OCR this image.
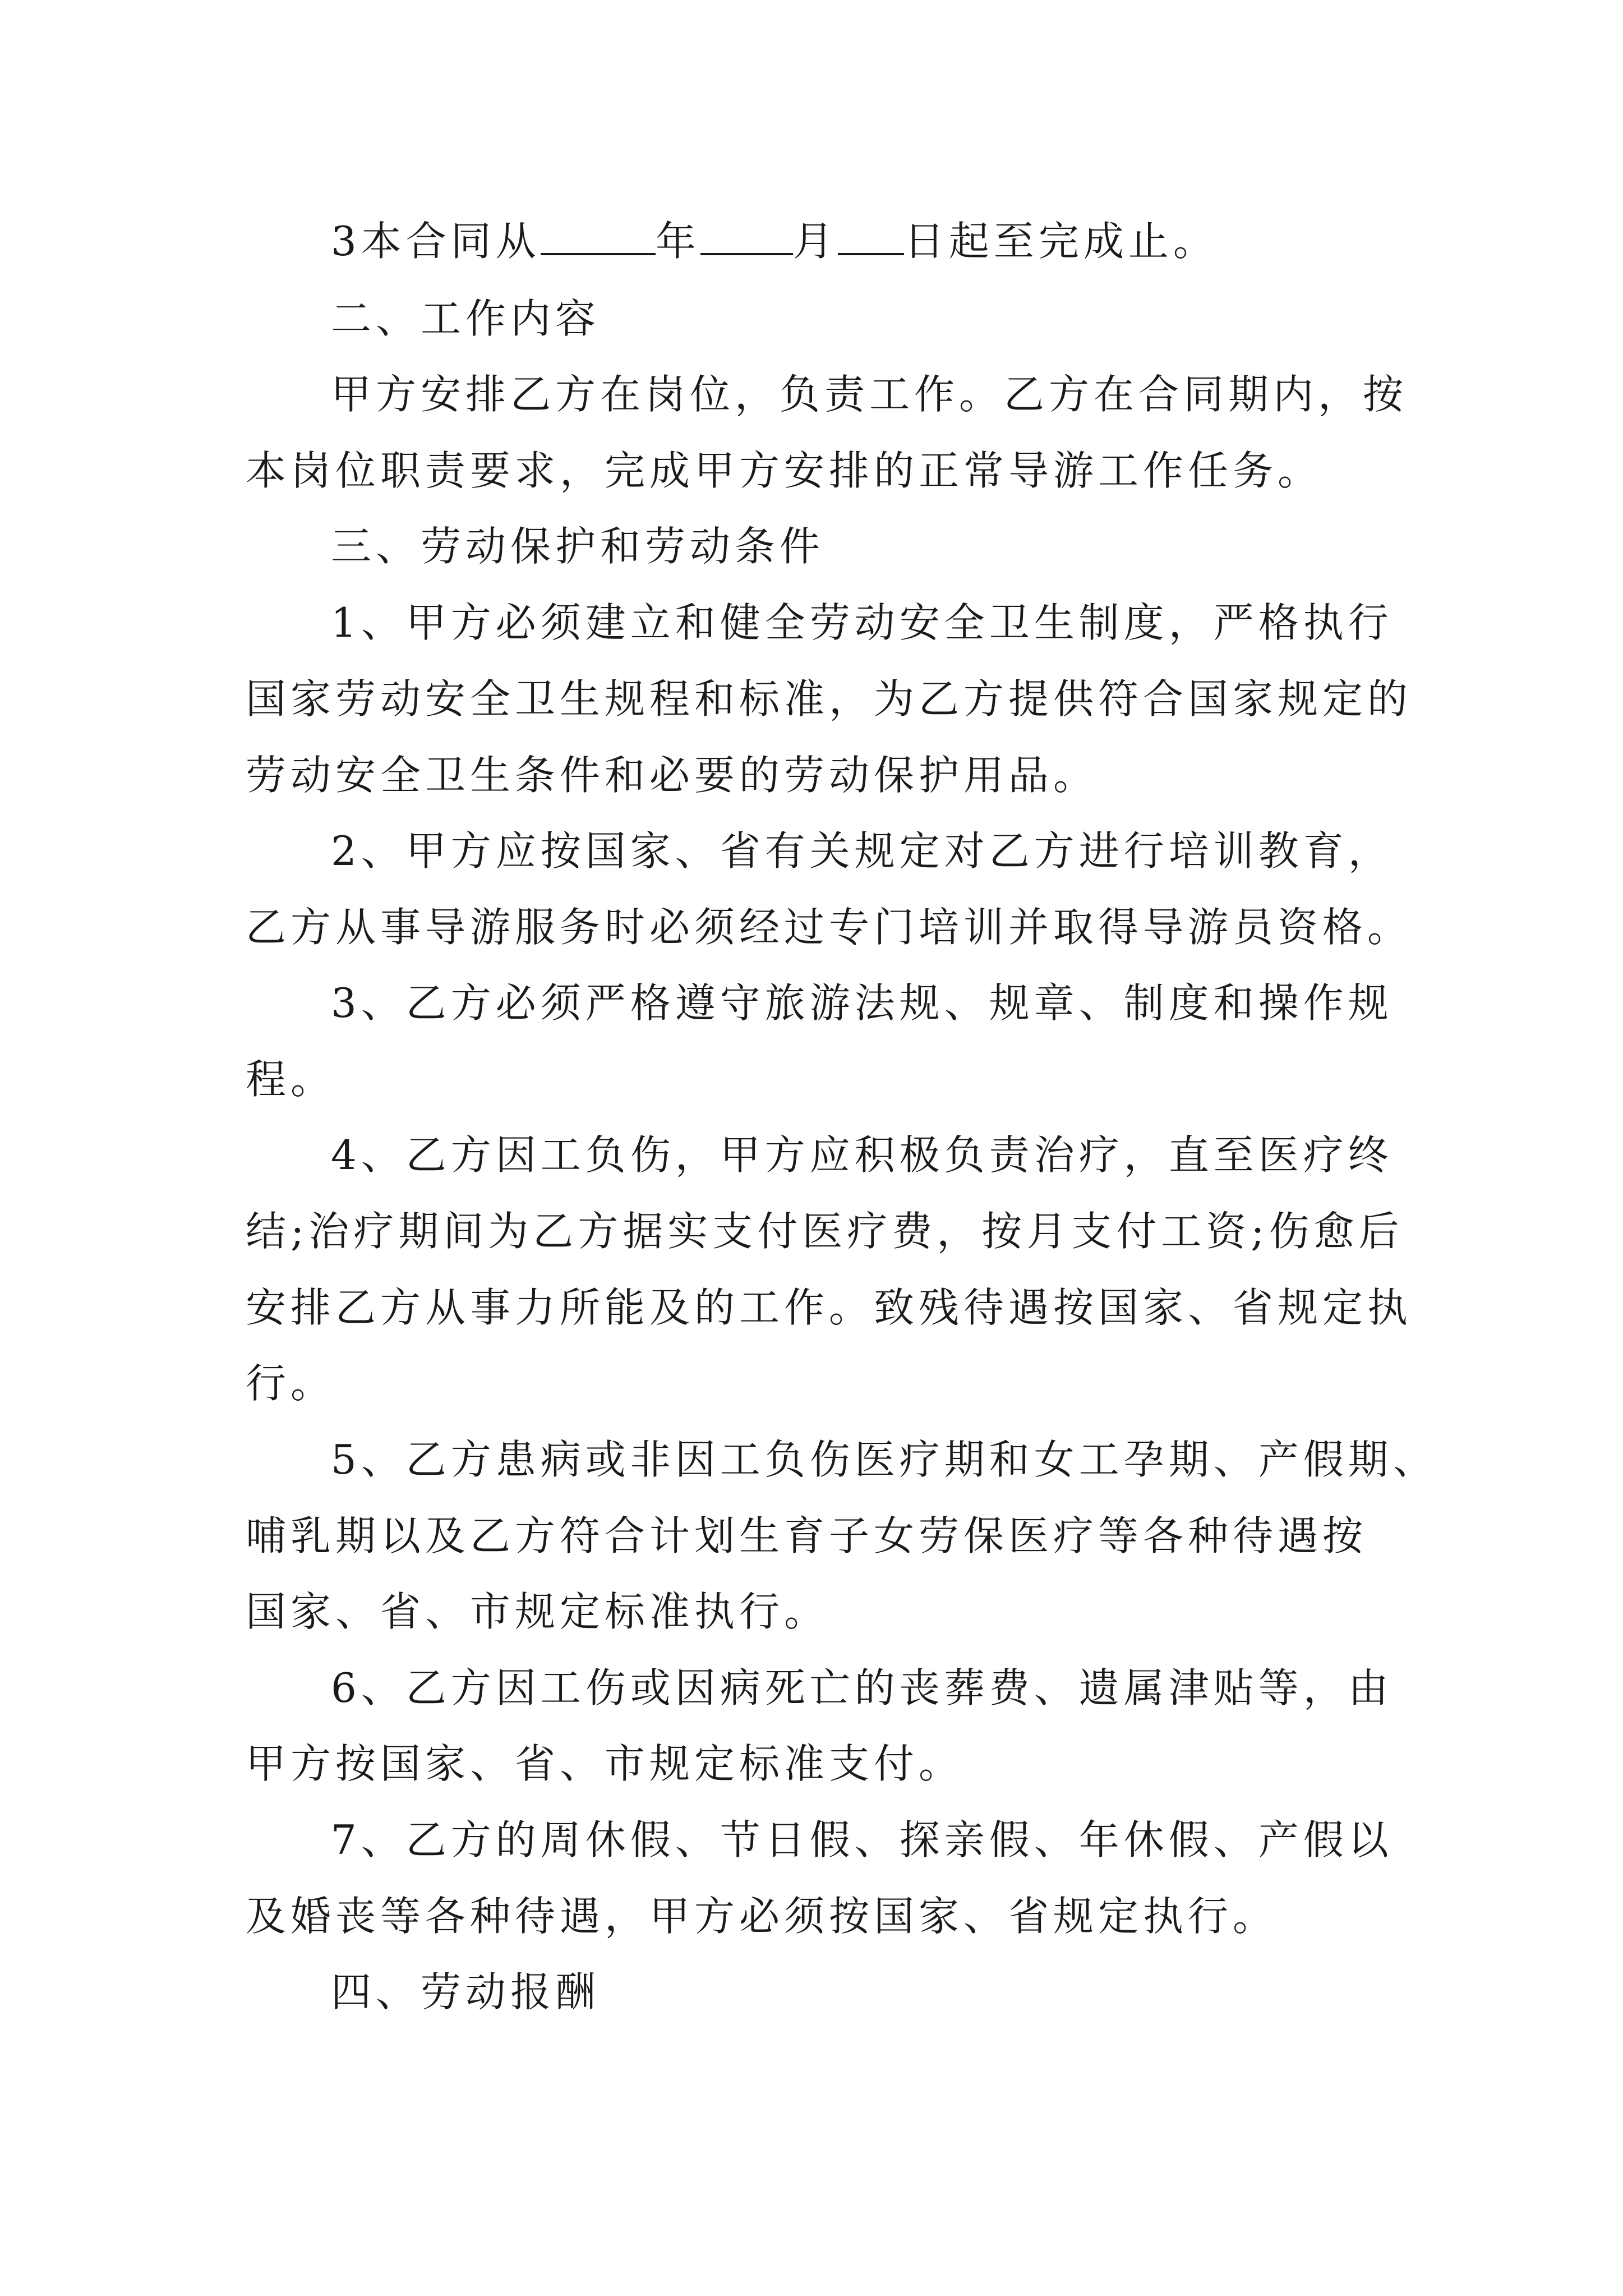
3本合同从	年 月 日起至完成止。
二、工作内容
甲方安排乙方在岗位，负责工作。乙方在合同期内，按
本岗位职责要求，完成甲方安排的正常导游工作任务。
三、劳动保护和劳动条件
1、甲方必须建立和健全劳动安全卫生制度，严格执行
国家劳动安全卫生规程和标准，为乙方提供符合国家规定的
劳动安全卫生条件和必要的劳动保护用品。
2、甲方应按国家、省有关规定对乙方进行培训教育，
乙方从事导游服务时必须经过专门培训并取得导游员资格。
3、乙方必须严格遵守旅游法规、规章、制度和操作规
程。
4、乙方因工负伤，甲方应积极负责治疗，直至医疗终
结;治疗期间为乙方据实支付医疗费，按月支付工资;伤愈后
安排乙方从事力所能及的工作。致残待遇按国家、省规定执
行。
5、乙方患病或非因工负伤医疗期和女工孕期、产假期、
哺乳期以及乙方符合计划生育子女劳保医疗等各种待遇按
国家、省、市规定标准执行。
6、乙方因工伤或因病死亡的丧葬费、遗属津贴等，由
甲方按国家、省、市规定标准支付。
7、乙方的周休假、节日假、探亲假、年休假、产假以
及婚丧等各种待遇，甲方必须按国家、省规定执行。
四、劳动报酬
